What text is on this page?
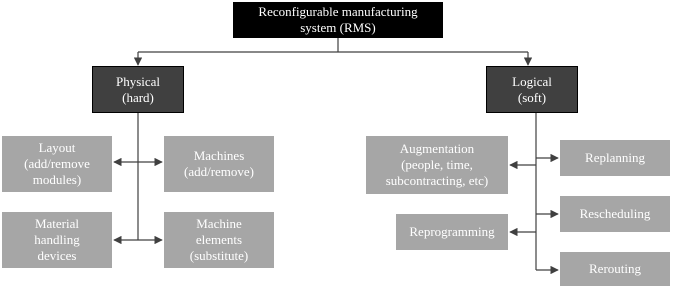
Reconfigurable manufacturing
system (RMS)
Physical
(hard)
Logical
(soft)
Layout
(add/remove
modules)
Machines
(add/remove)
Material
handling
devices
Machine
elements
(substitute)
Augmentation
(people, time,
subcontracting, etc)
Reprogramming
Replanning
Rescheduling
Rerouting
